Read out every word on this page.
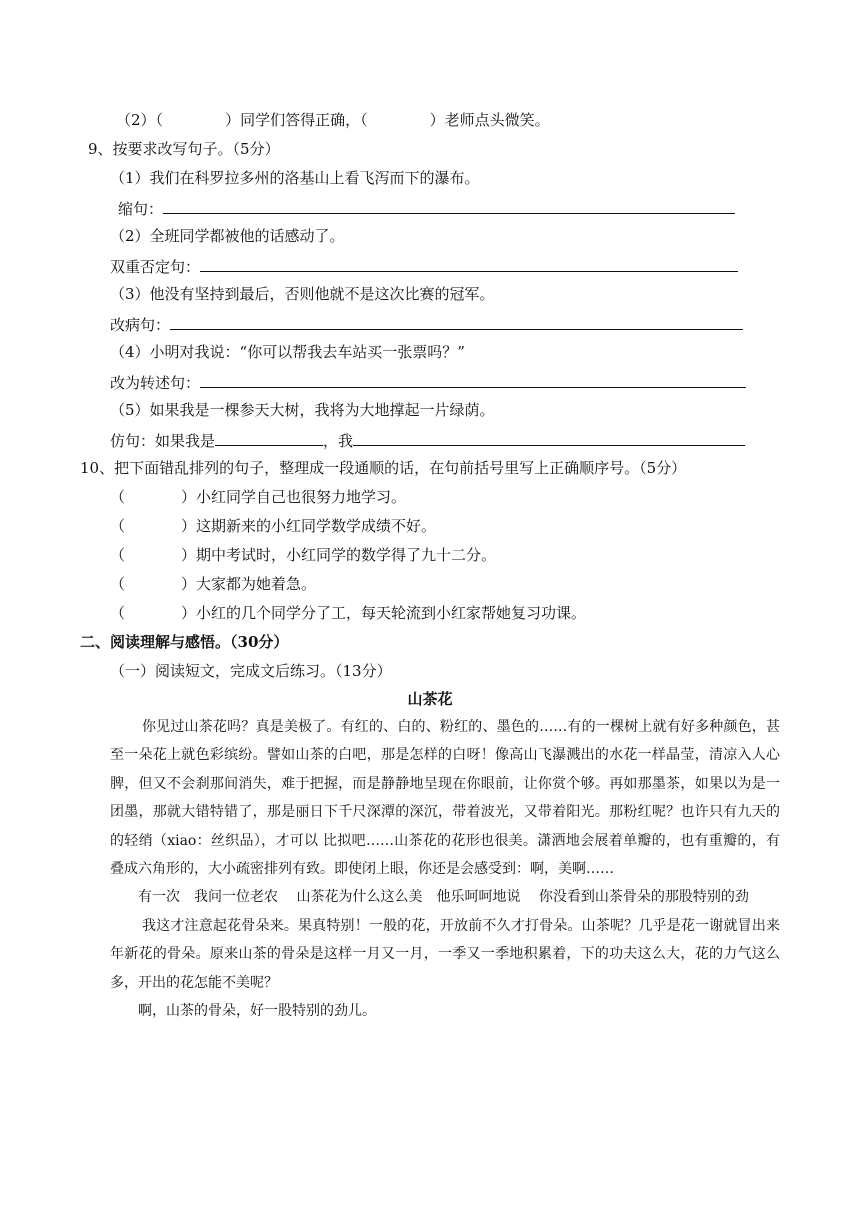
（2）（	）同学们答得正确，（	）老师点头微笑。
9、按要求改写句子。（5分）
（1）我们在科罗拉多州的洛基山上看飞泻而下的瀑布。
缩句：
（2）全班同学都被他的话感动了。
双重否定句：
（3）他没有坚持到最后，否则他就不是这次比赛的冠军。
改病句：
（4）小明对我说：“你可以帮我去车站买一张票吗？”
改为转述句：
（5）如果我是一棵参天大树，我将为大地撑起一片绿荫。
仿句：如果我是	，我
10、把下面错乱排列的句子，整理成一段通顺的话，在句前括号里写上正确顺序号。（5分）
（	）小红同学自己也很努力地学习。
（	）这期新来的小红同学数学成绩不好。
（	）期中考试时，小红同学的数学得了九十二分。
（	）大家都为她着急。
（	）小红的几个同学分了工，每天轮流到小红家帮她复习功课。
二、阅读理解与感悟。（30分）
（一）阅读短文，完成文后练习。（13分）
山茶花

你见过山茶花吗？真是美极了。有红的、白的、粉红的、墨色的……有的一棵树上就有好多种颜色，甚至一朵花上就色彩缤纷。譬如山茶的白吧，那是怎样的白呀！像高山飞瀑溅出的水花一样晶莹，清凉入人心脾，但又不会刹那间消失，难于把握，而是静静地呈现在你眼前，让你赏个够。再如那墨茶，如果以为是一团墨，那就大错特错了，那是丽日下千尺深潭的深沉，带着波光，又带着阳光。那粉红呢？也许只有九天的的轻绡（xiao：丝织品），才可以 比拟吧……山茶花的花形也很美。潇洒地会展着单瓣的，也有重瓣的，有叠成六角形的，大小疏密排列有致。即使闭上眼，你还是会感受到：啊，美啊……

有一次　我问一位老农　 山茶花为什么这么美　他乐呵呵地说　 你没看到山茶骨朵的那股特别的劲

我这才注意起花骨朵来。果真特别！一般的花，开放前不久才打骨朵。山茶呢？几乎是花一谢就冒出来年新花的骨朵。原来山茶的骨朵是这样一月又一月，一季又一季地积累着，下的功夫这么大，花的力气这么多，开出的花怎能不美呢？

啊，山茶的骨朵，好一股特别的劲儿。
